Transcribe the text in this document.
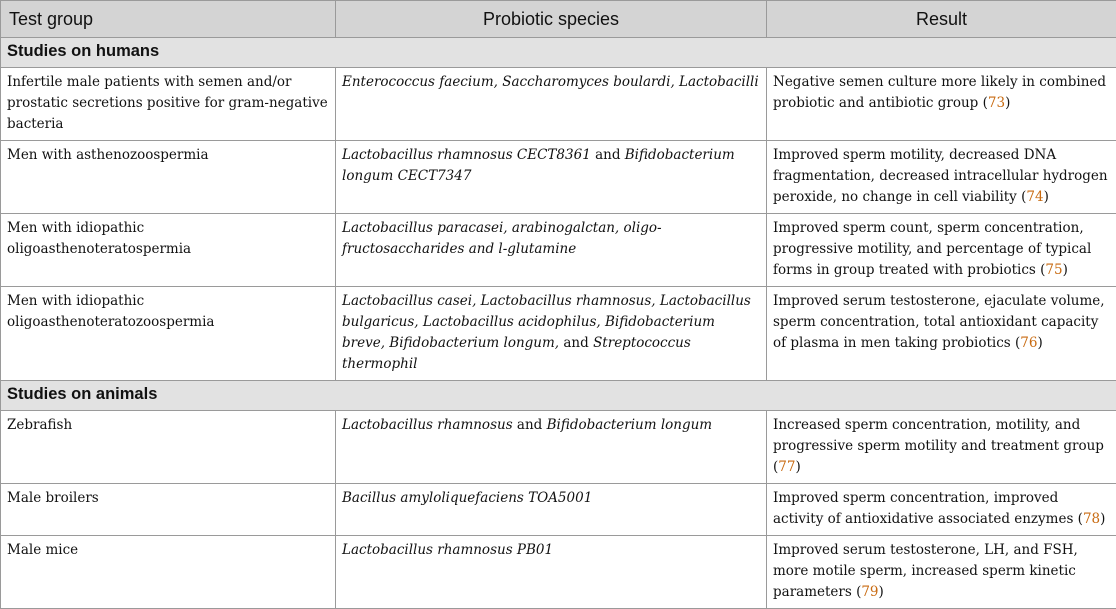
Test group	Probiotic species	Result
Studies on humans		
Infertile male patients with semen and/or prostatic secretions positive for gram-negative bacteria	Enterococcus faecium, Saccharomyces boulardi, Lactobacilli	Negative semen culture more likely in combined probiotic and antibiotic group (73)
Men with asthenozoospermia	Lactobacillus rhamnosus CECT8361 and Bifidobacterium longum CECT7347	Improved sperm motility, decreased DNA fragmentation, decreased intracellular hydrogen peroxide, no change in cell viability (74)
Men with idiopathic oligoasthenoteratospermia	Lactobacillus paracasei, arabinogalctan, oligo-fructosaccharides and l-glutamine	Improved sperm count, sperm concentration, progressive motility, and percentage of typical forms in group treated with probiotics (75)
Men with idiopathic oligoasthenoteratozoospermia	Lactobacillus casei, Lactobacillus rhamnosus, Lactobacillus bulgaricus, Lactobacillus acidophilus, Bifidobacterium breve, Bifidobacterium longum, and Streptococcus thermophil	Improved serum testosterone, ejaculate volume, sperm concentration, total antioxidant capacity of plasma in men taking probiotics (76)
Studies on animals		
Zebrafish	Lactobacillus rhamnosus and Bifidobacterium longum	Increased sperm concentration, motility, and progressive sperm motility and treatment group (77)
Male broilers	Bacillus amyloliquefaciens TOA5001	Improved sperm concentration, improved activity of antioxidative associated enzymes (78)
Male mice	Lactobacillus rhamnosus PB01	Improved serum testosterone, LH, and FSH, more motile sperm, increased sperm kinetic parameters (79)
